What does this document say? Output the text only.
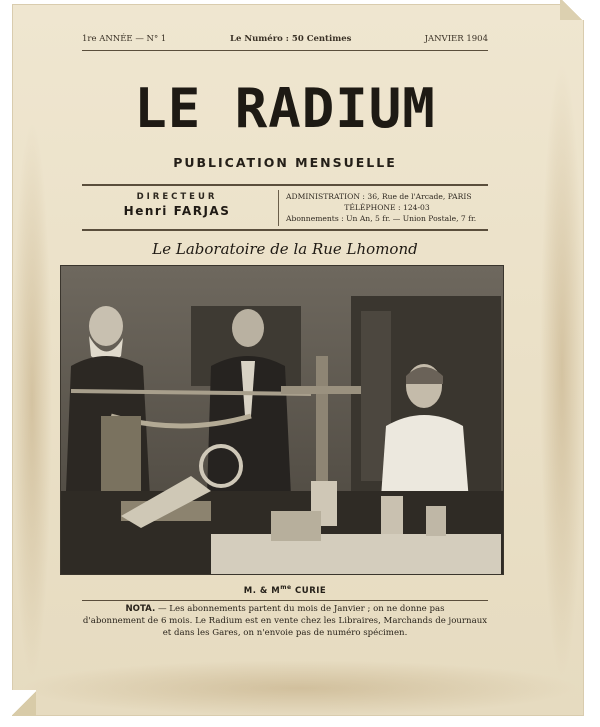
1re ANNÉE — N° 1	Le Numéro : 50 Centimes	JANVIER 1904
LE RADIUM
PUBLICATION MENSUELLE
DIRECTEUR
Henri FARJAS
ADMINISTRATION : 36, Rue de l'Arcade, PARIS
TÉLÉPHONE : 124-03
Abonnements : Un An, 5 fr. — Union Postale, 7 fr.
Le Laboratoire de la Rue Lhomond
M. & $M^{me}$ CURIE
NOTA. — Les abonnements partent du mois de Janvier ; on ne donne pas
d'abonnement de 6 mois. Le Radium est en vente chez les Libraires, Marchands de journaux
et dans les Gares, on n'envoie pas de numéro spécimen.
